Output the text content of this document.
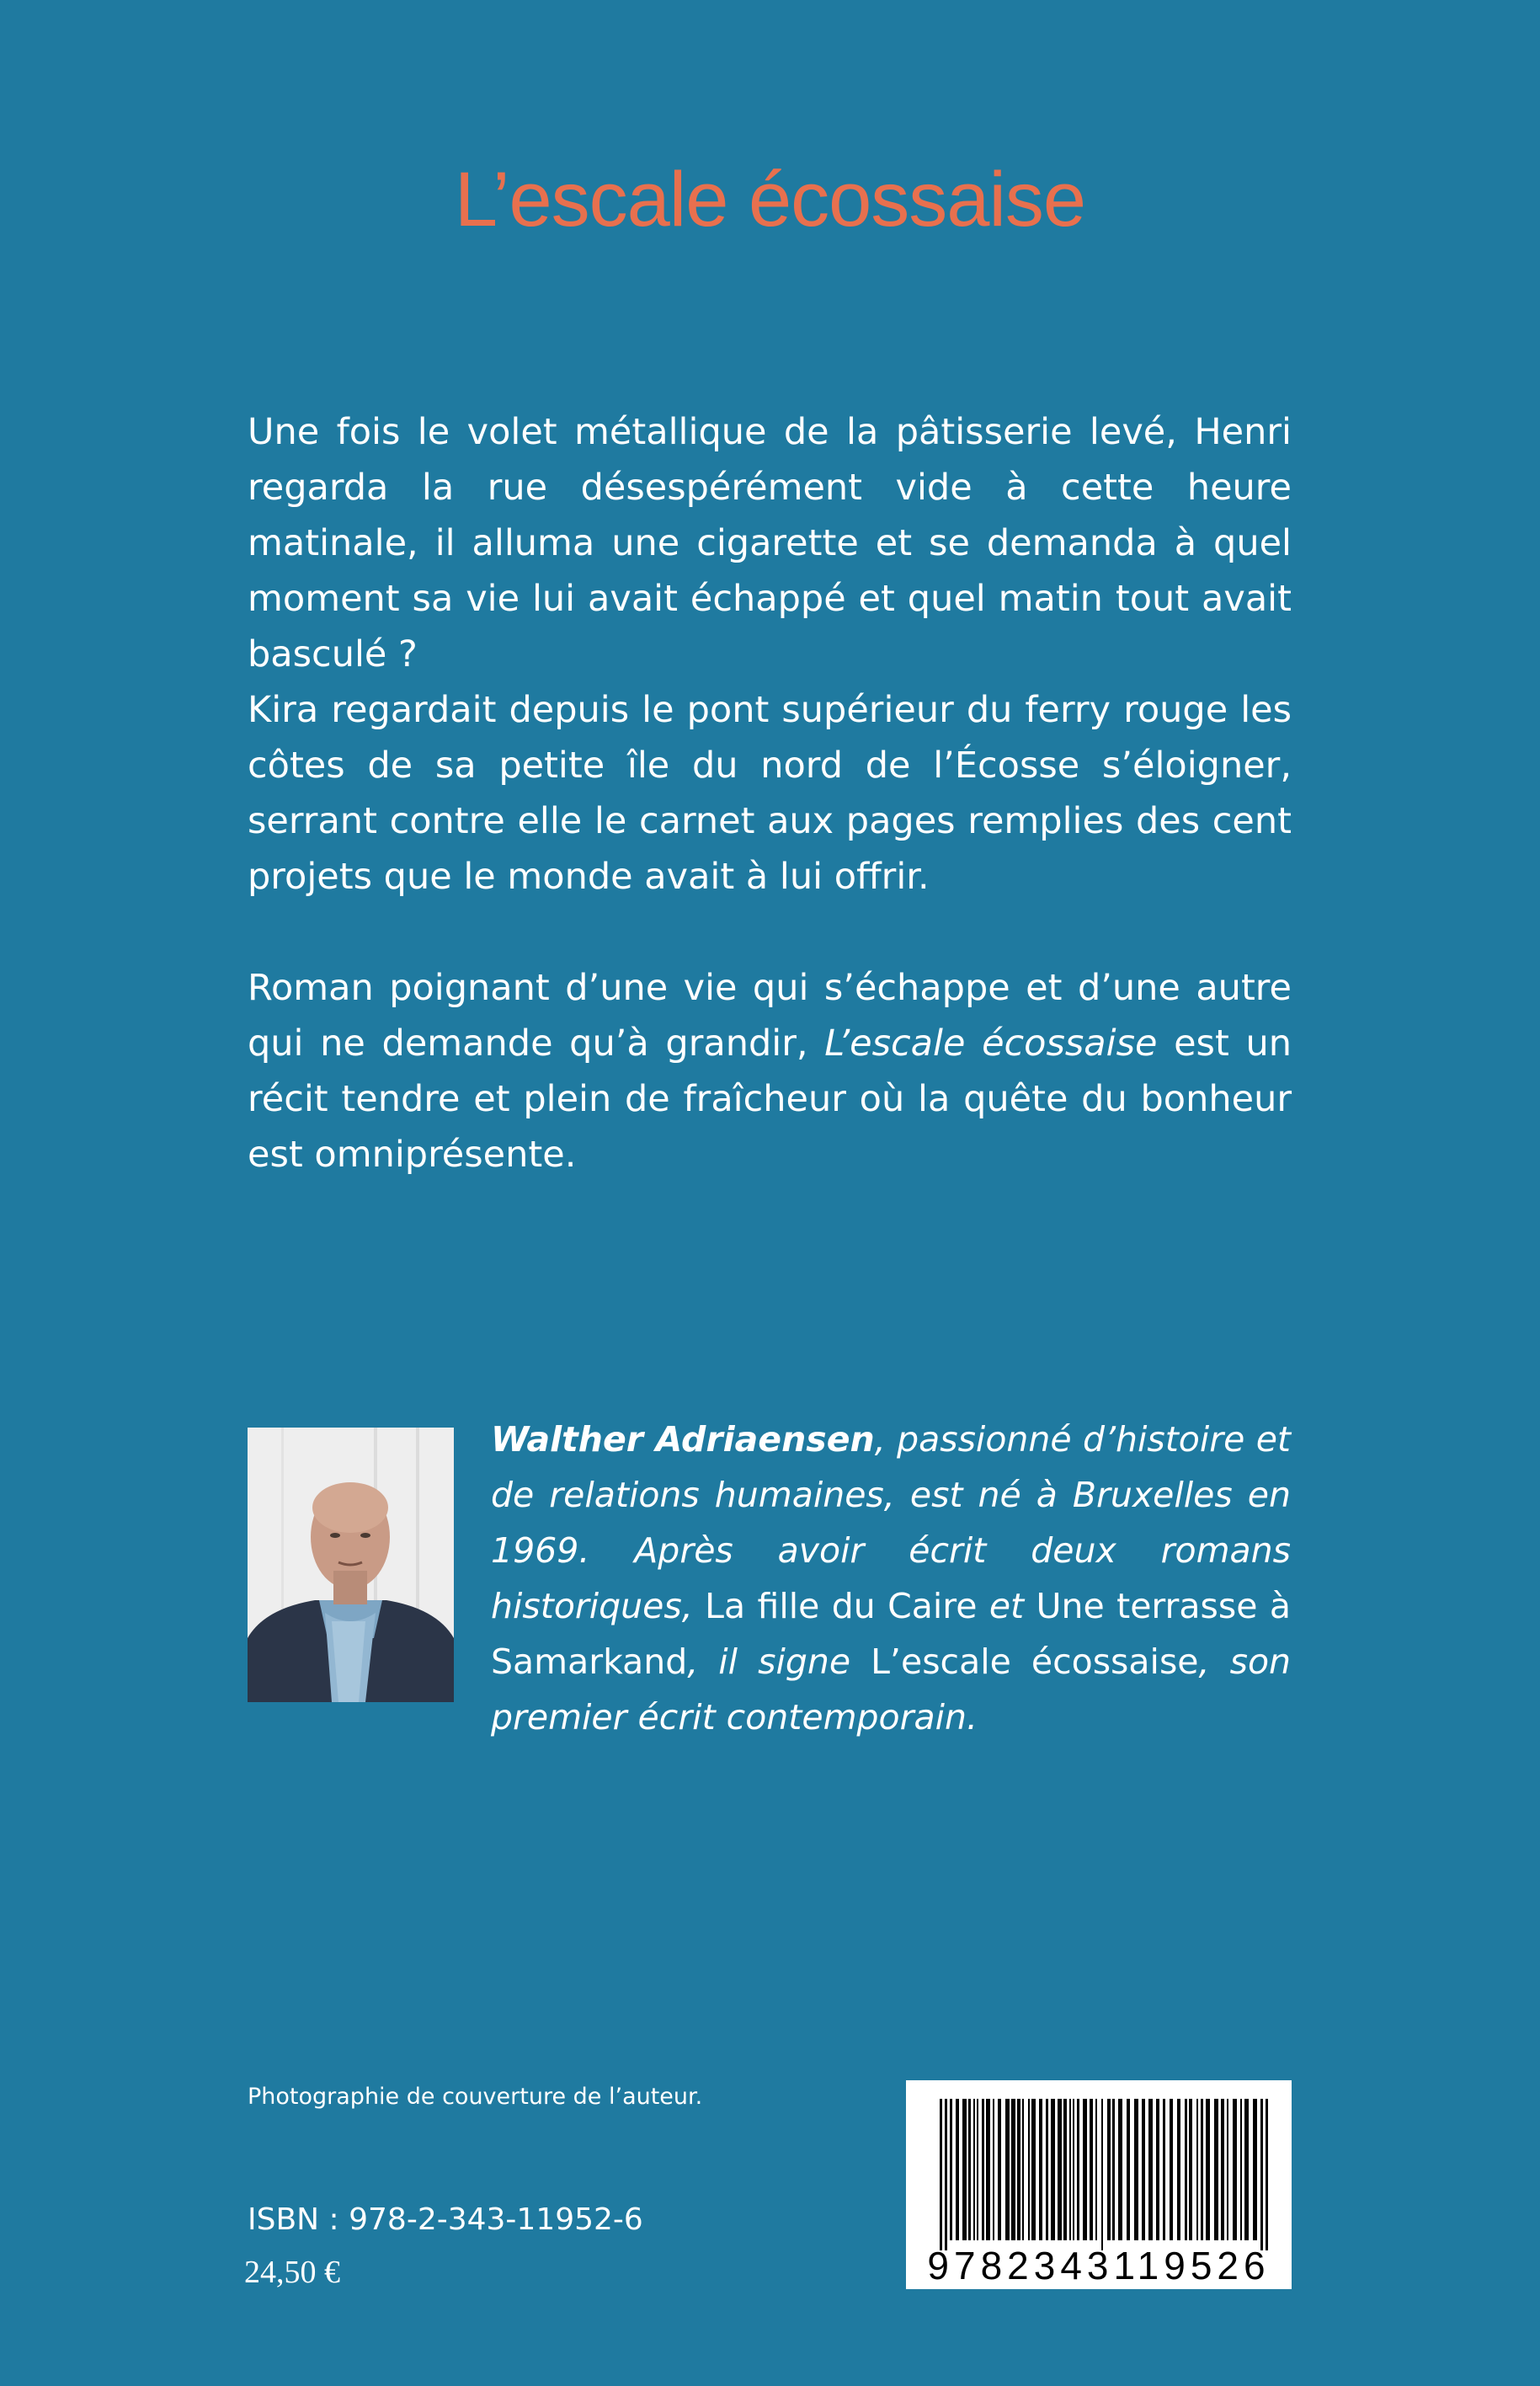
L’escale écossaise

Une fois le volet métallique de la pâtisserie levé, Henri regarda la rue désespérément vide à cette heure matinale, il alluma une cigarette et se demanda à quel moment sa vie lui avait échappé et quel matin tout avait basculé ?

Kira regardait depuis le pont supérieur du ferry rouge les côtes de sa petite île du nord de l’Écosse s’éloigner, serrant contre elle le carnet aux pages remplies des cent projets que le monde avait à lui offrir.

Roman poignant d’une vie qui s’échappe et d’une autre qui ne demande qu’à grandir, L’escale écossaise est un récit tendre et plein de fraîcheur où la quête du bonheur est omniprésente.

Walther Adriaensen, passionné d’histoire et de relations humaines, est né à Bruxelles en 1969. Après avoir écrit deux romans historiques, La fille du Caire et Une terrasse à Samarkand, il signe L’escale écossaise, son premier écrit contemporain.
Photographie de couverture de l’auteur.
ISBN : 978-2-343-11952-6
24,50 €	9782343119526
